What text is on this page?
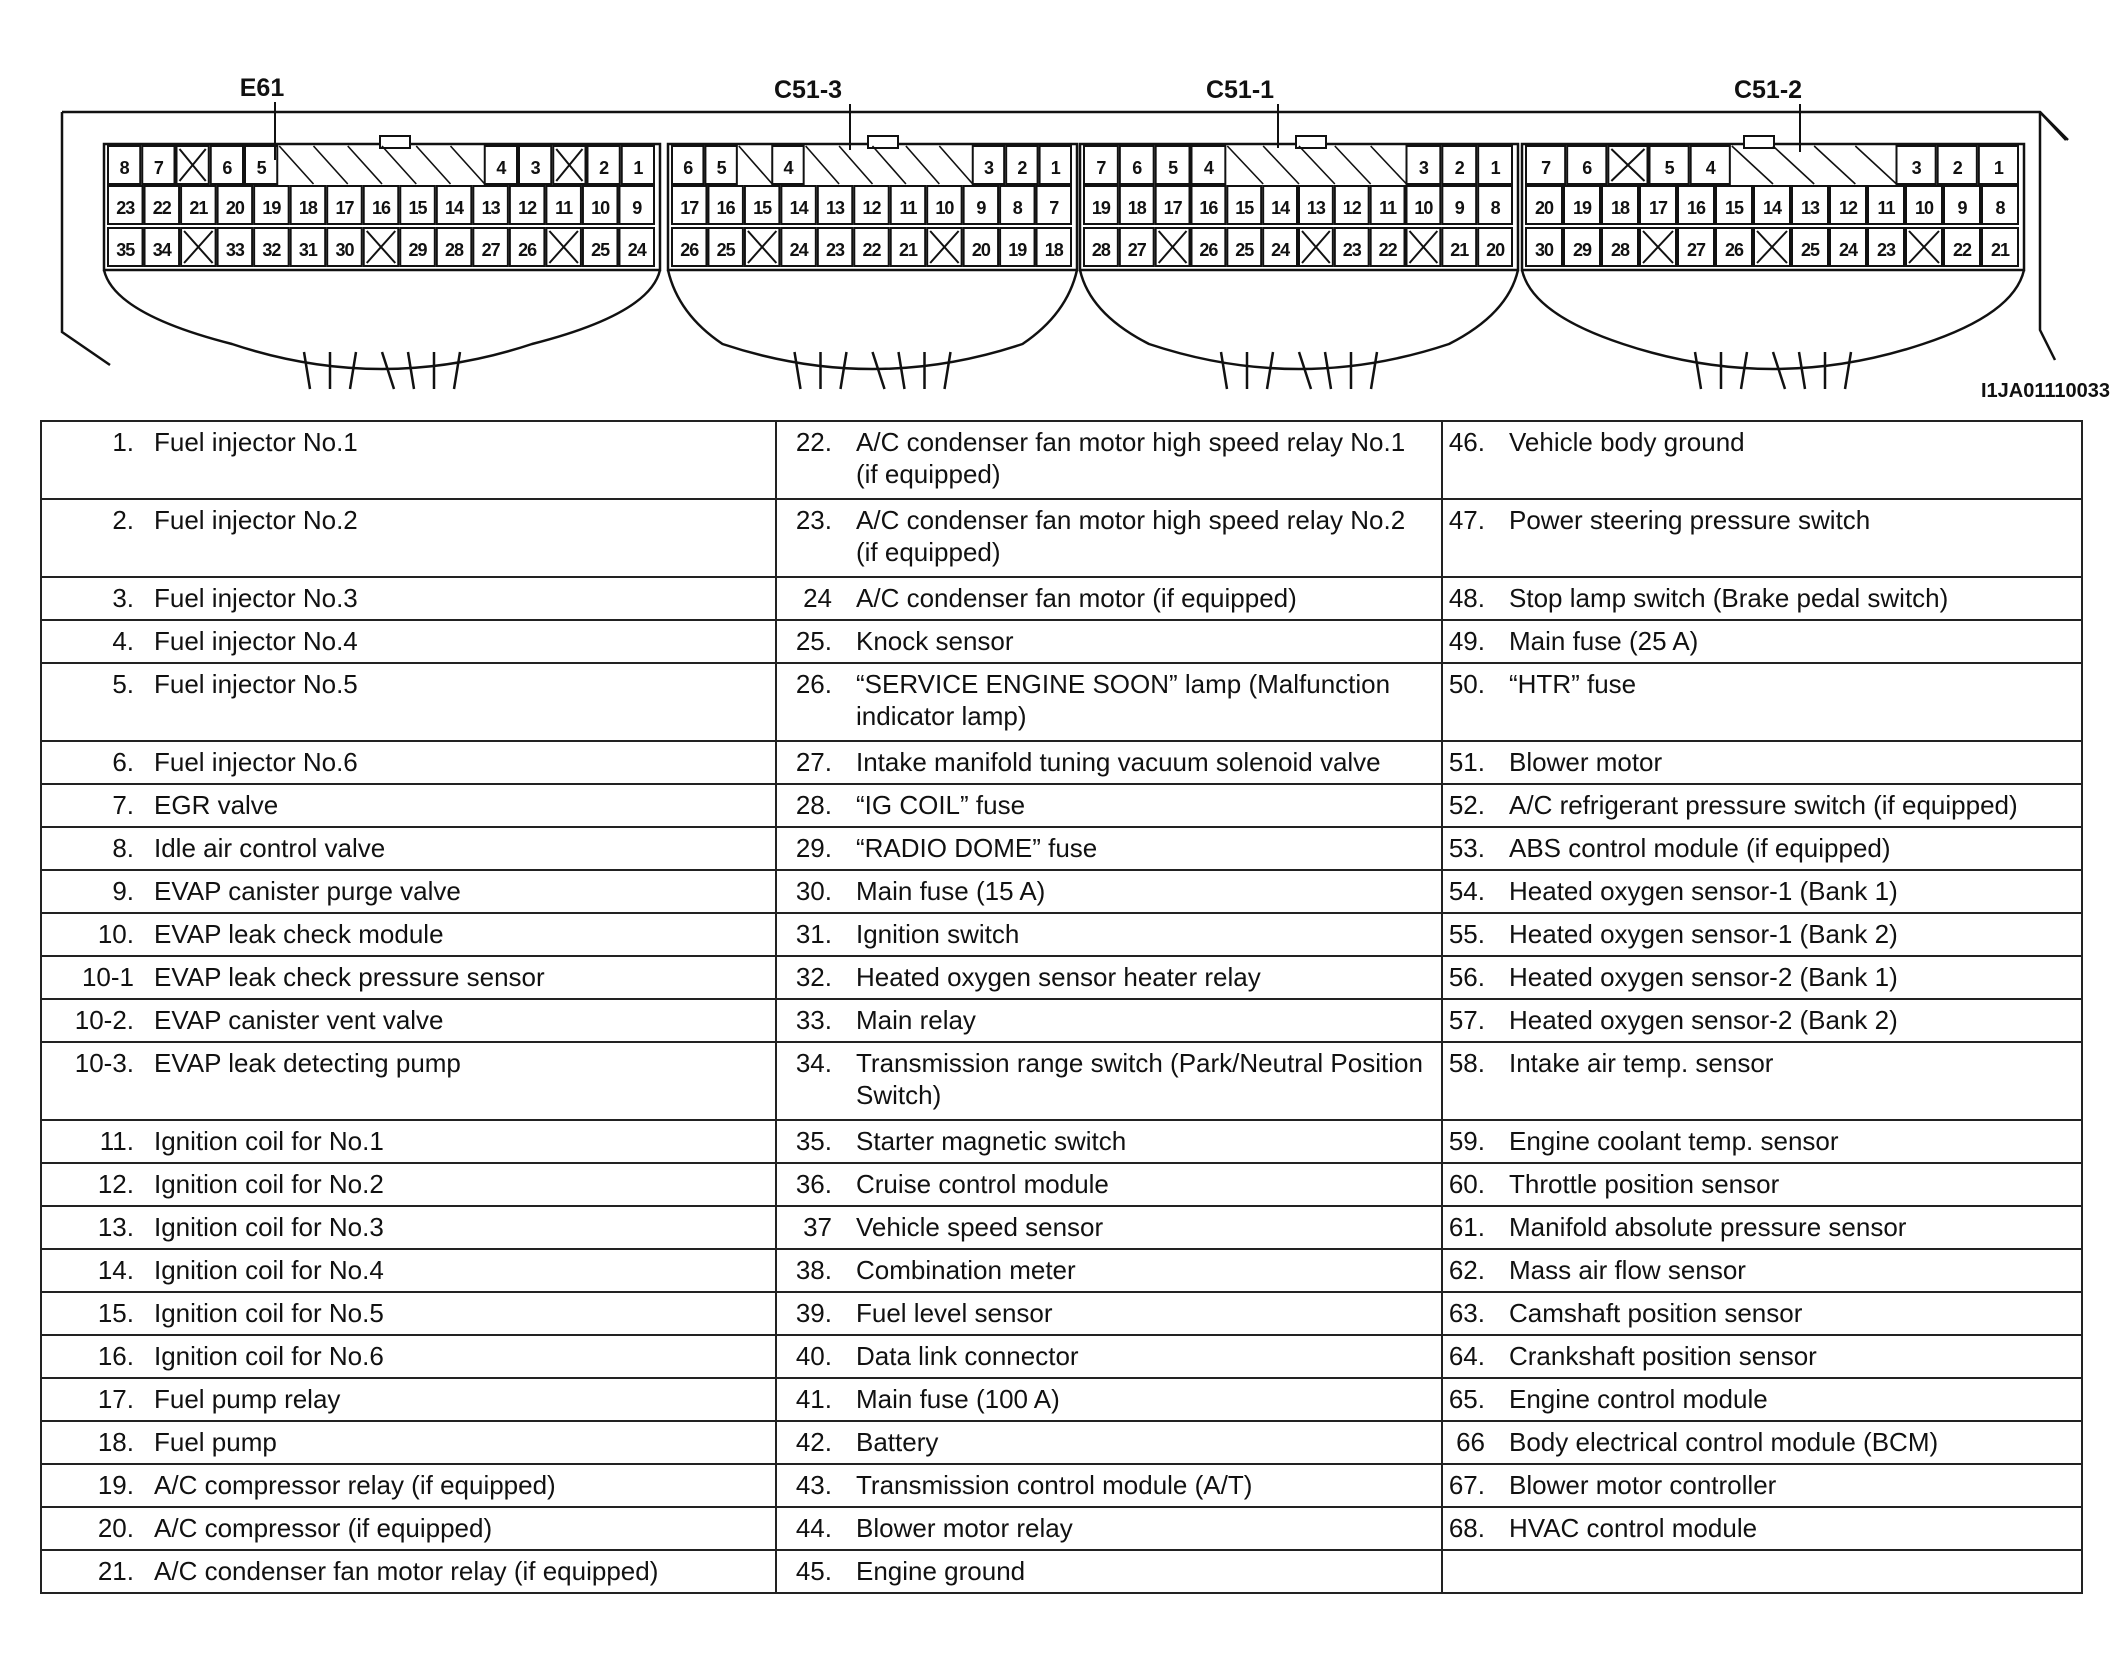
8 7	6 5	4 3	2 1
23 22 21 20 19 18 17 16 15 14 13 12 11 10 9
35 34	33 32 31 30	29 28 27 26	25 24
6 5	4	3 2 1
17 16 15 14 13 12 11 10 9 8 7
26 25	24 23 22 21	20 19 18
7 6 5 4	3 2 1
19 18 17 16 15 14 13 12 11 10 9 8
28 27	26 25 24	23 22	21 20
7 6	5 4	3 2 1
20 19 18 17 16 15 14 13 12 11 10 9 8
30 29 28	27 26	25 24 23	22 21
E61	C51-3	C51-1	C51-2
I1JA01110033
1. Fuel injector No.1	22. A/C condenser fan motor high speed relay No.1 (if equipped)	46. Vehicle body ground

2. Fuel injector No.2	23. A/C condenser fan motor high speed relay No.2 (if equipped)	47. Power steering pressure switch

3. Fuel injector No.3	24 A/C condenser fan motor (if equipped)	48. Stop lamp switch (Brake pedal switch)

4. Fuel injector No.4	25. Knock sensor	49. Main fuse (25 A)

5. Fuel injector No.5	26. “SERVICE ENGINE SOON” lamp (Malfunction indicator lamp)	50. “HTR” fuse

6. Fuel injector No.6	27. Intake manifold tuning vacuum solenoid valve	51. Blower motor

7. EGR valve	28. “IG COIL” fuse	52. A/C refrigerant pressure switch (if equipped)

8. Idle air control valve	29. “RADIO DOME” fuse	53. ABS control module (if equipped)

9. EVAP canister purge valve	30. Main fuse (15 A)	54. Heated oxygen sensor-1 (Bank 1)

10. EVAP leak check module	31. Ignition switch	55. Heated oxygen sensor-1 (Bank 2)

10-1 EVAP leak check pressure sensor	32. Heated oxygen sensor heater relay	56. Heated oxygen sensor-2 (Bank 1)

10-2. EVAP canister vent valve	33. Main relay	57. Heated oxygen sensor-2 (Bank 2)

10-3. EVAP leak detecting pump	34. Transmission range switch (Park/Neutral Position Switch)	58. Intake air temp. sensor

11. Ignition coil for No.1	35. Starter magnetic switch	59. Engine coolant temp. sensor

12. Ignition coil for No.2	36. Cruise control module	60. Throttle position sensor

13. Ignition coil for No.3	37 Vehicle speed sensor	61. Manifold absolute pressure sensor

14. Ignition coil for No.4	38. Combination meter	62. Mass air flow sensor

15. Ignition coil for No.5	39. Fuel level sensor	63. Camshaft position sensor

16. Ignition coil for No.6	40. Data link connector	64. Crankshaft position sensor

17. Fuel pump relay	41. Main fuse (100 A)	65. Engine control module

18. Fuel pump	42. Battery	66 Body electrical control module (BCM)

19. A/C compressor relay (if equipped)	43. Transmission control module (A/T)	67. Blower motor controller

20. A/C compressor (if equipped)	44. Blower motor relay	68. HVAC control module

21. A/C condenser fan motor relay (if equipped)	45. Engine ground	
